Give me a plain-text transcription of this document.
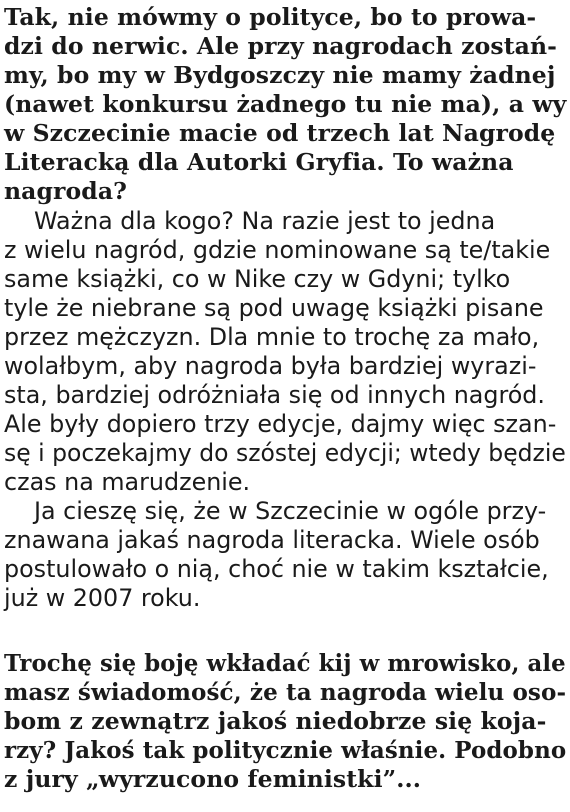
Tak, nie mówmy o polityce, bo to prowa-
dzi do nerwic. Ale przy nagrodach zostań-
my, bo my w Bydgoszczy nie mamy żadnej
(nawet konkursu żadnego tu nie ma), a wy
w Szczecinie macie od trzech lat Nagrodę
Literacką dla Autorki Gryfia. To ważna
nagroda?
Ważna dla kogo? Na razie jest to jedna
z wielu nagród, gdzie nominowane są te/takie
same książki, co w Nike czy w Gdyni; tylko
tyle że niebrane są pod uwagę książki pisane
przez mężczyzn. Dla mnie to trochę za mało,
wolałbym, aby nagroda była bardziej wyrazi-
sta, bardziej odróżniała się od innych nagród.
Ale były dopiero trzy edycje, dajmy więc szan-
sę i poczekajmy do szóstej edycji; wtedy będzie
czas na marudzenie.
Ja cieszę się, że w Szczecinie w ogóle przy-
znawana jakaś nagroda literacka. Wiele osób
postulowało o nią, choć nie w takim kształcie,
już w 2007 roku.
Trochę się boję wkładać kij w mrowisko, ale
masz świadomość, że ta nagroda wielu oso-
bom z zewnątrz jakoś niedobrze się koja-
rzy? Jakoś tak politycznie właśnie. Podobno
z jury „wyrzucono feministki”...
